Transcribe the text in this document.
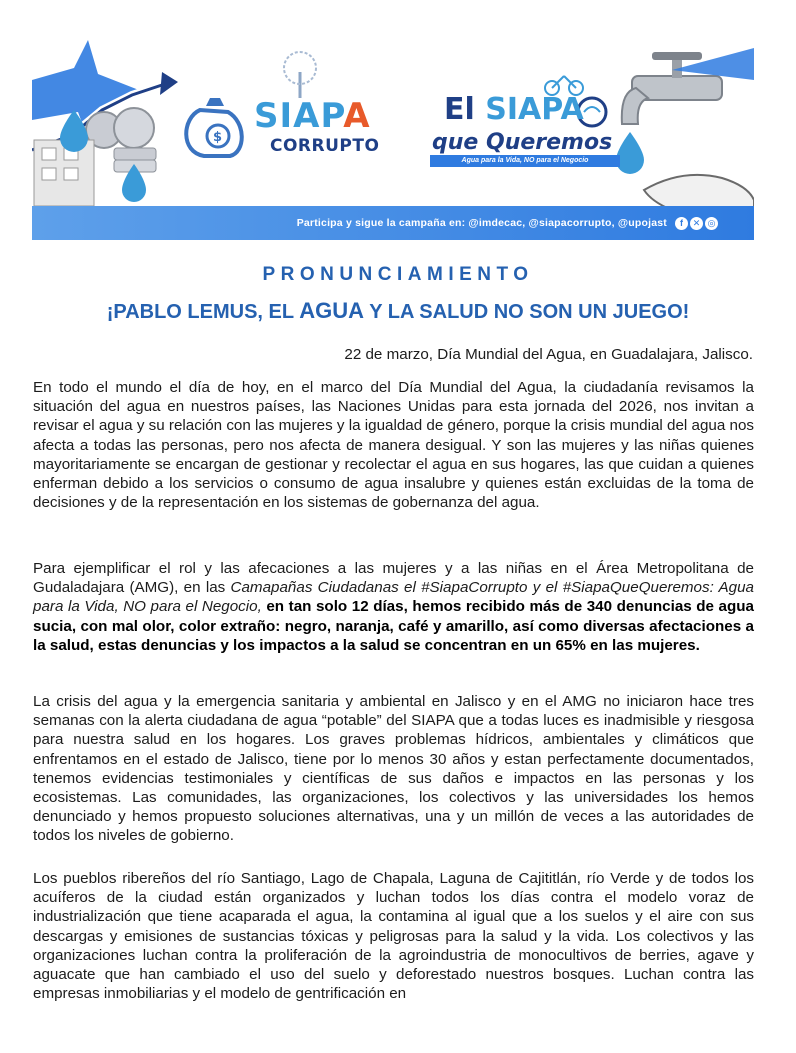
$
SIAPA
CORRUPTO
El SIAPA
que Queremos
Agua para la Vida, NO para el Negocio
Participa y sigue la campaña en: @imdecac, @siapacorrupto, @upojast	f	✕ ◎
PRONUNCIAMIENTO
¡PABLO LEMUS, EL AGUA Y LA SALUD NO SON UN JUEGO!
22 de marzo, Día Mundial del Agua, en Guadalajara, Jalisco.

En todo el mundo el día de hoy, en el marco del Día Mundial del Agua, la ciudadanía revisamos la situación del agua en nuestros países, las Naciones Unidas para esta jornada del 2026, nos invitan a revisar el agua y su relación con las mujeres y la igualdad de género, porque la crisis mundial del agua nos afecta a todas las personas, pero nos afecta de manera desigual. Y son las mujeres y las niñas quienes mayoritariamente se encargan de gestionar y recolectar el agua en sus hogares, las que cuidan a quienes enferman debido a los servicios o consumo de agua insalubre y quienes están excluidas de la toma de decisiones y de la representación en los sistemas de gobernanza del agua.

Para ejemplificar el rol y las afecaciones a las mujeres y a las niñas en el Área Metropolitana de Gudaladajara (AMG), en las Camapañas Ciudadanas el #SiapaCorrupto y el #SiapaQueQueremos: Agua para la Vida, NO para el Negocio, en tan solo 12 días, hemos recibido más de 340 denuncias de agua sucia, con mal olor, color extraño: negro, naranja, café y amarillo, así como diversas afectaciones a la salud, estas denuncias y los impactos a la salud se concentran en un 65% en las mujeres.

La crisis del agua y la emergencia sanitaria y ambiental en Jalisco y en el AMG no iniciaron hace tres semanas con la alerta ciudadana de agua “potable” del SIAPA que a todas luces es inadmisible y riesgosa para nuestra salud en los hogares. Los graves problemas hídricos, ambientales y climáticos que enfrentamos en el estado de Jalisco, tiene por lo menos 30 años y estan perfectamente documentados, tenemos evidencias testimoniales y científicas de sus daños e impactos en las personas y los ecosistemas. Las comunidades, las organizaciones, los colectivos y las universidades los hemos denunciado y hemos propuesto soluciones alternativas, una y un millón de veces a las autoridades de todos los niveles de gobierno.

Los pueblos ribereños del río Santiago, Lago de Chapala, Laguna de Cajititlán, río Verde y de todos los acuíferos de la ciudad están organizados y luchan todos los días contra el modelo voraz de industrialización que tiene acaparada el agua, la contamina al igual que a los suelos y el aire con sus descargas y emisiones de sustancias tóxicas y peligrosas para la salud y la vida. Los colectivos y las organizaciones luchan contra la proliferación de la agroindustria de monocultivos de berries, agave y aguacate que han cambiado el uso del suelo y deforestado nuestros bosques. Luchan contra las empresas inmobiliarias y el modelo de gentrificación en
